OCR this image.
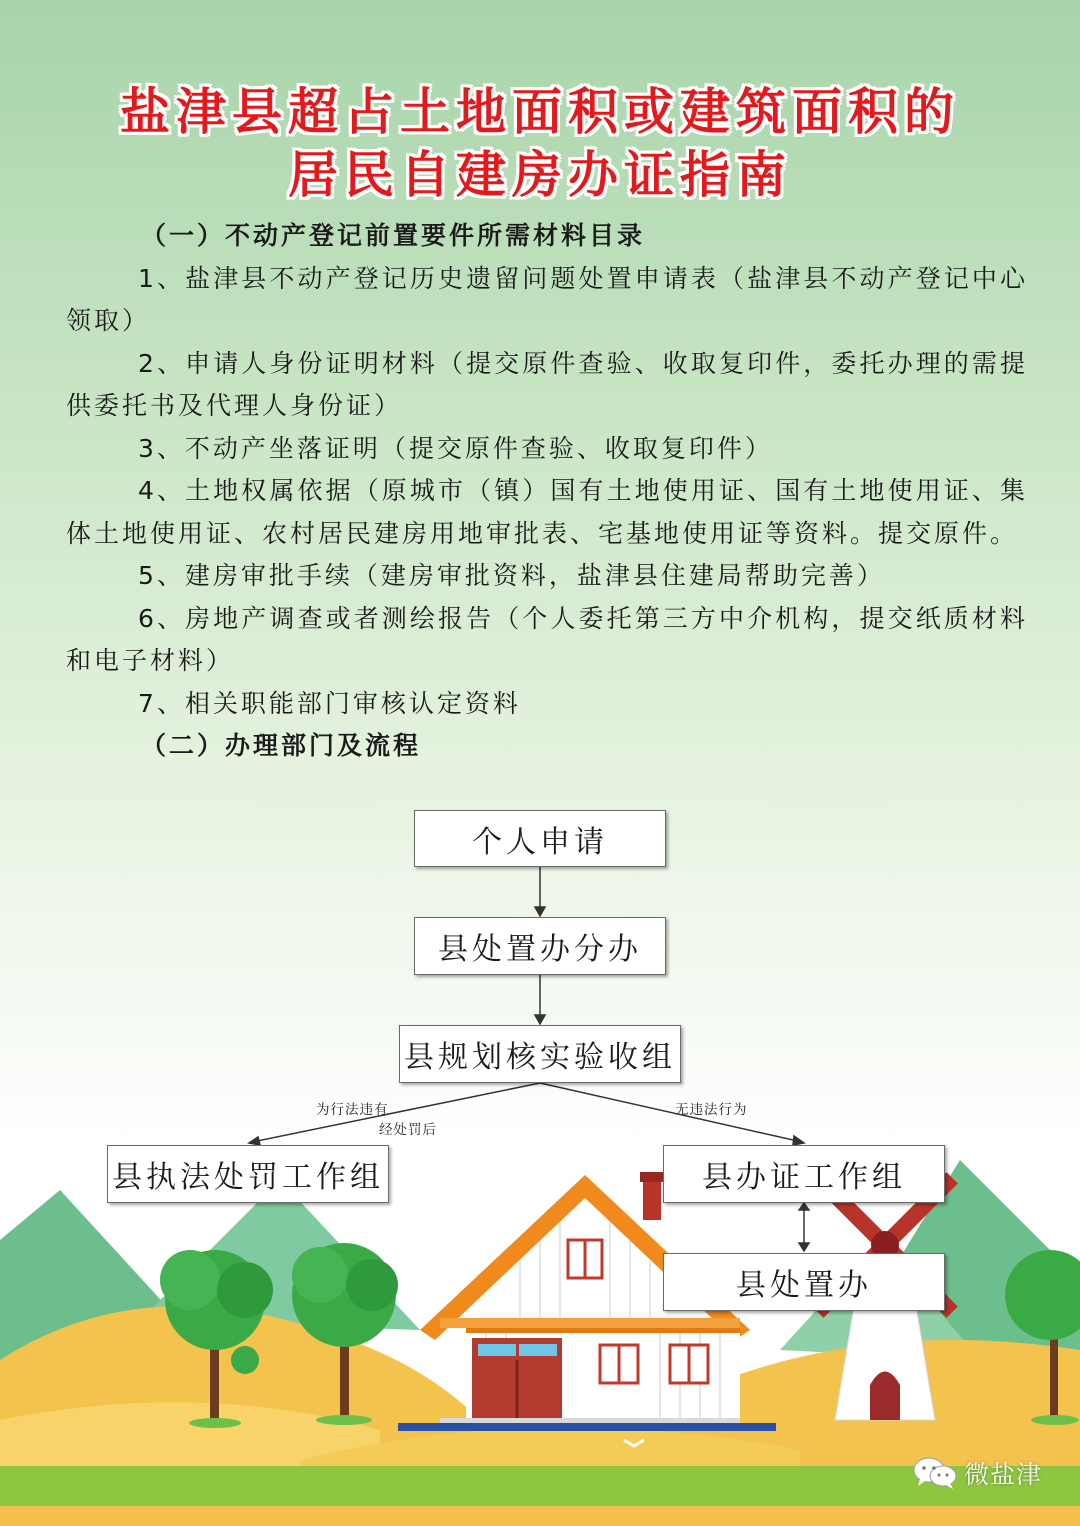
盐津县超占土地面积或建筑面积的
居民自建房办证指南
（一）不动产登记前置要件所需材料目录

1、盐津县不动产登记历史遗留问题处置申请表（盐津县不动产登记中心领取）

2、申请人身份证明材料（提交原件查验、收取复印件，委托办理的需提供委托书及代理人身份证）

3、不动产坐落证明（提交原件查验、收取复印件）

4、土地权属依据（原城市（镇）国有土地使用证、国有土地使用证、集体土地使用证、农村居民建房用地审批表、宅基地使用证等资料。提交原件。

5、建房审批手续（建房审批资料，盐津县住建局帮助完善）

6、房地产调查或者测绘报告（个人委托第三方中介机构，提交纸质材料和电子材料）

7、相关职能部门审核认定资料

（二）办理部门及流程
个人申请
县处置办分办
县规划核实验收组
县执法处罚工作组	县办证工作组
县处置办
为行法违有
经处罚后
无违法行为
微盐津
